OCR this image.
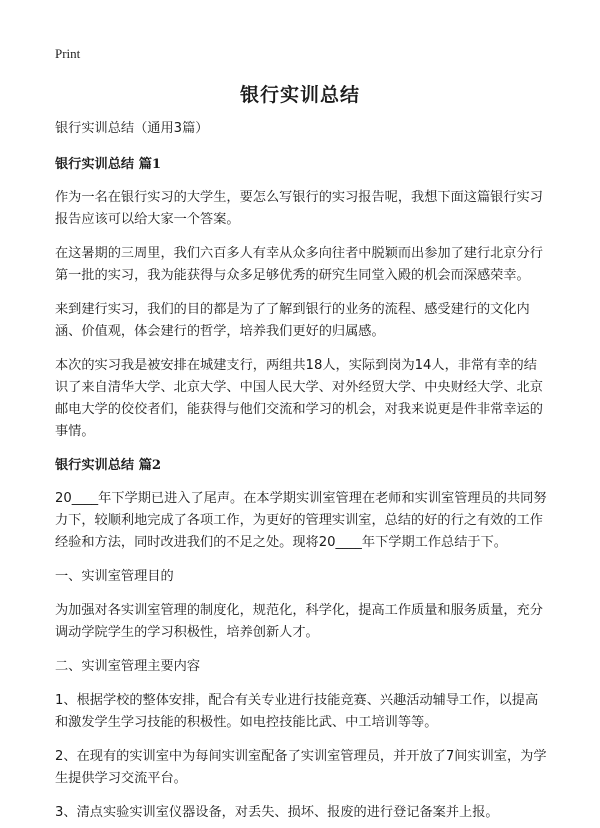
Print
银行实训总结

银行实训总结（通用3篇）

银行实训总结 篇1

作为一名在银行实习的大学生，要怎么写银行的实习报告呢，我想下面这篇银行实习报告应该可以给大家一个答案。

在这暑期的三周里，我们六百多人有幸从众多向往者中脱颖而出参加了建行北京分行第一批的实习，我为能获得与众多足够优秀的研究生同堂入殿的机会而深感荣幸。

来到建行实习，我们的目的都是为了了解到银行的业务的流程、感受建行的文化内涵、价值观，体会建行的哲学，培养我们更好的归属感。

本次的实习我是被安排在城建支行，两组共18人，实际到岗为14人，非常有幸的结识了来自清华大学、北京大学、中国人民大学、对外经贸大学、中央财经大学、北京邮电大学的佼佼者们，能获得与他们交流和学习的机会，对我来说更是件非常幸运的事情。

银行实训总结 篇2

20____年下学期已进入了尾声。在本学期实训室管理在老师和实训室管理员的共同努力下，较顺利地完成了各项工作，为更好的管理实训室，总结的好的行之有效的工作经验和方法，同时改进我们的不足之处。现将20____年下学期工作总结于下。

一、实训室管理目的

为加强对各实训室管理的制度化，规范化，科学化，提高工作质量和服务质量，充分调动学院学生的学习积极性，培养创新人才。

二、实训室管理主要内容

1、根据学校的整体安排，配合有关专业进行技能竞赛、兴趣活动辅导工作，以提高和激发学生学习技能的积极性。如电控技能比武、中工培训等等。

2、在现有的实训室中为每间实训室配备了实训室管理员，并开放了7间实训室，为学生提供学习交流平台。

3、清点实验实训室仪器设备，对丢失、损坏、报废的进行登记备案并上报。
